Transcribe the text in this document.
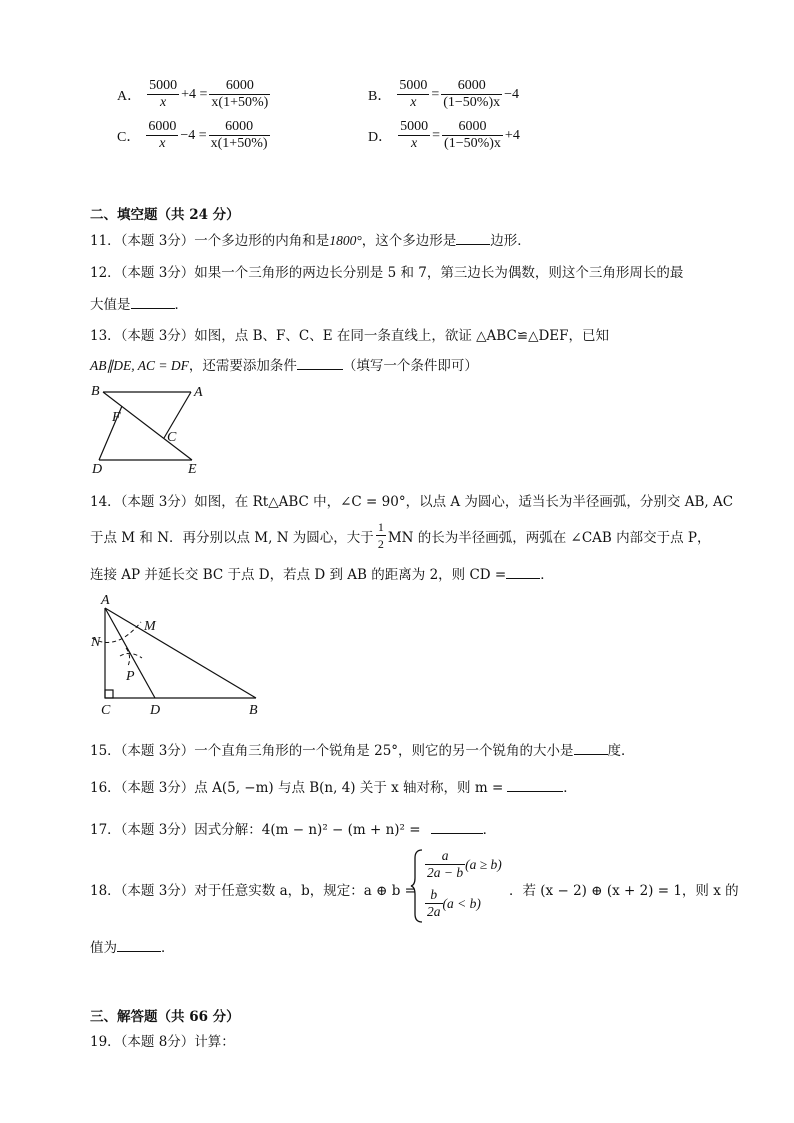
A． $\frac{5000}{x} +4 = \frac{6000}{x(1+50\%)}$	B． $\frac{5000}{x} = \frac{6000}{(1-50\%)x} -4$
C． $\frac{6000}{x} -4 = \frac{6000}{x(1+50\%)}$	D． $\frac{5000}{x} = \frac{6000}{(1-50\%)x} +4$
二、填空题（共 24 分）
11．（本题 3分）一个多边形的内角和是1800°，这个多边形是	边形．
12．（本题 3分）如果一个三角形的两边长分别是 5 和 7，第三边长为偶数，则这个三角形周长的最
大值是	．
13．（本题 3分）如图，点 B、F、C、E 在同一条直线上，欲证 △ABC≌△DEF，已知
AB∥DE, AC = DF，还需要添加条件	（填写一个条件即可）
B	A
F
C
D	E
14．（本题 3分）如图，在 Rt△ABC 中，∠C = 90°，以点 A 为圆心，适当长为半径画弧，分别交 AB, AC
于点 M 和 N．再分别以点 M, N 为圆心，大于 $\frac{1}{2}$ MN 的长为半径画弧，两弧在 ∠CAB 内部交于点 P，
连接 AP 并延长交 BC 于点 D，若点 D 到 AB 的距离为 2，则 CD =	．
A
M
N
P
C	D	B
15．（本题 3分）一个直角三角形的一个锐角是 25°，则它的另一个锐角的大小是	度．
16．（本题 3分）点 A(5, −m) 与点 B(n, 4) 关于 x 轴对称，则 m =	．
17．（本题 3分）因式分解：4(m − n)² − (m + n)² =	．
18．（本题 3分）对于任意实数 a，b，规定：a ⊕ b =
$\frac{a}{2a - b} (a \ge b)$
$\frac{b}{2a} (a < b)$
．若 (x − 2) ⊕ (x + 2) = 1，则 x 的
值为	．
三、解答题（共 66 分）
19．（本题 8分）计算：
